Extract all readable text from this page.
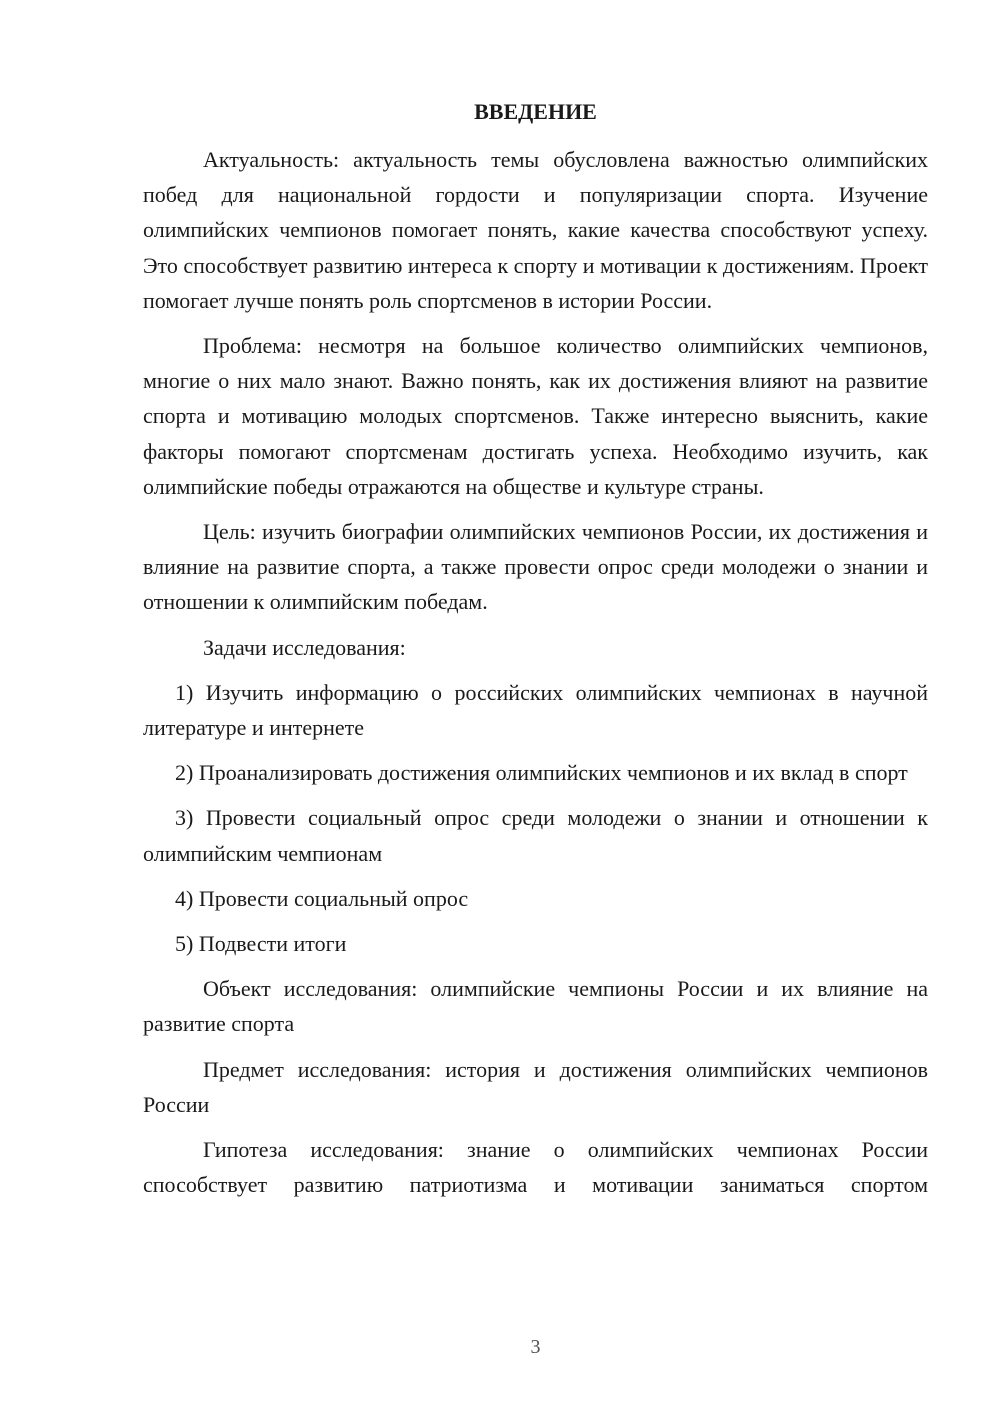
ВВЕДЕНИЕ

Актуальность: актуальность темы обусловлена важностью олимпийских побед для национальной гордости и популяризации спорта. Изучение олимпийских чемпионов помогает понять, какие качества способствуют успеху. Это способствует развитию интереса к спорту и мотивации к достижениям. Проект помогает лучше понять роль спортсменов в истории России.

Проблема: несмотря на большое количество олимпийских чемпионов, многие о них мало знают. Важно понять, как их достижения влияют на развитие спорта и мотивацию молодых спортсменов. Также интересно выяснить, какие факторы помогают спортсменам достигать успеха. Необходимо изучить, как олимпийские победы отражаются на обществе и культуре страны.

Цель: изучить биографии олимпийских чемпионов России, их достижения и влияние на развитие спорта, а также провести опрос среди молодежи о знании и отношении к олимпийским победам.

Задачи исследования:

1) Изучить информацию о российских олимпийских чемпионах в научной литературе и интернете

2) Проанализировать достижения олимпийских чемпионов и их вклад в спорт

3) Провести социальный опрос среди молодежи о знании и отношении к олимпийским чемпионам

4) Провести социальный опрос

5) Подвести итоги

Объект исследования: олимпийские чемпионы России и их влияние на развитие спорта

Предмет исследования: история и достижения олимпийских чемпионов России

Гипотеза исследования: знание о олимпийских чемпионах России способствует развитию патриотизма и мотивации заниматься спортом

3
